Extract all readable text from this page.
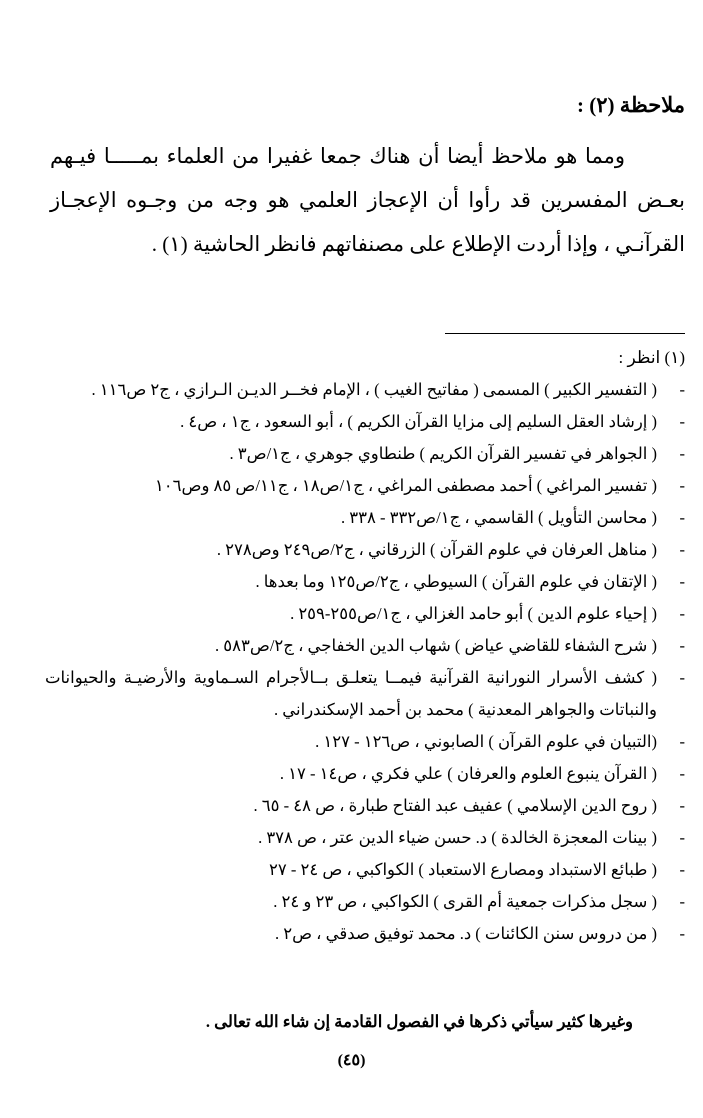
ملاحظة (٢) :

ومما هو ملاحظ أيضا أن هناك جمعا غفيرا من العلماء بمـــــا فيـهم بعـض المفسرين قد رأوا أن الإعجاز العلمي هو وجه من وجـوه الإعجـاز القرآنـي ، وإذا أردت الإطلاع على مصنفاتهم فانظر الحاشية (١) .

(١) انظر :
-
( التفسير الكبير ) المسمى ( مفاتيح الغيب ) ، الإمام فخــر الديـن الـرازي ، ج٢ ص١١٦ .
-
( إرشاد العقل السليم إلى مزايا القرآن الكريم ) ، أبو السعود ، ج١ ، ص٤ .
-
( الجواهر في تفسير القرآن الكريم ) طنطاوي جوهري ، ج١/ص٣ .
-
( تفسير المراغي ) أحمد مصطفى المراغي ، ج١/ص١٨ ، ج١١/ص ٨٥ وص١٠٦
-
( محاسن التأويل ) القاسمي ، ج١/ص٣٣٢ - ٣٣٨ .
-
( مناهل العرفان في علوم القرآن ) الزرقاني ، ج٢/ص٢٤٩ وص٢٧٨ .
-
( الإتقان في علوم القرآن ) السيوطي ، ج٢/ص١٢٥ وما بعدها .
-
( إحياء علوم الدين ) أبو حامد الغزالي ، ج١/ص٢٥٥-٢٥٩ .
-
( شرح الشفاء للقاضي عياض ) شهاب الدين الخفاجي ، ج٢/ص٥٨٣ .
-
( كشف الأسرار النورانية القرآنية فيمــا يتعلـق بــالأجرام السـماوية والأرضيـة والحيوانات والنباتات والجواهر المعدنية ) محمد بن أحمد الإسكندراني .
-
(التبيان في علوم القرآن ) الصابوني ، ص١٢٦ - ١٢٧ .
-
( القرآن ينبوع العلوم والعرفان ) علي فكري ، ص١٤ - ١٧ .
-
( روح الدين الإسلامي ) عفيف عبد الفتاح طبارة ، ص ٤٨ - ٦٥ .
-
( بينات المعجزة الخالدة ) د. حسن ضياء الدين عتر ، ص ٣٧٨ .
-
( طبائع الاستبداد ومصارع الاستعباد ) الكواكبي ، ص ٢٤ - ٢٧
-
( سجل مذكرات جمعية أم القرى ) الكواكبي ، ص ٢٣ و ٢٤ .
-
( من دروس سنن الكائنات ) د. محمد توفيق صدقي ، ص٢ .
وغيرها كثير سيأتي ذكرها في الفصول القادمة إن شاء الله تعالى .
(٤٥)
